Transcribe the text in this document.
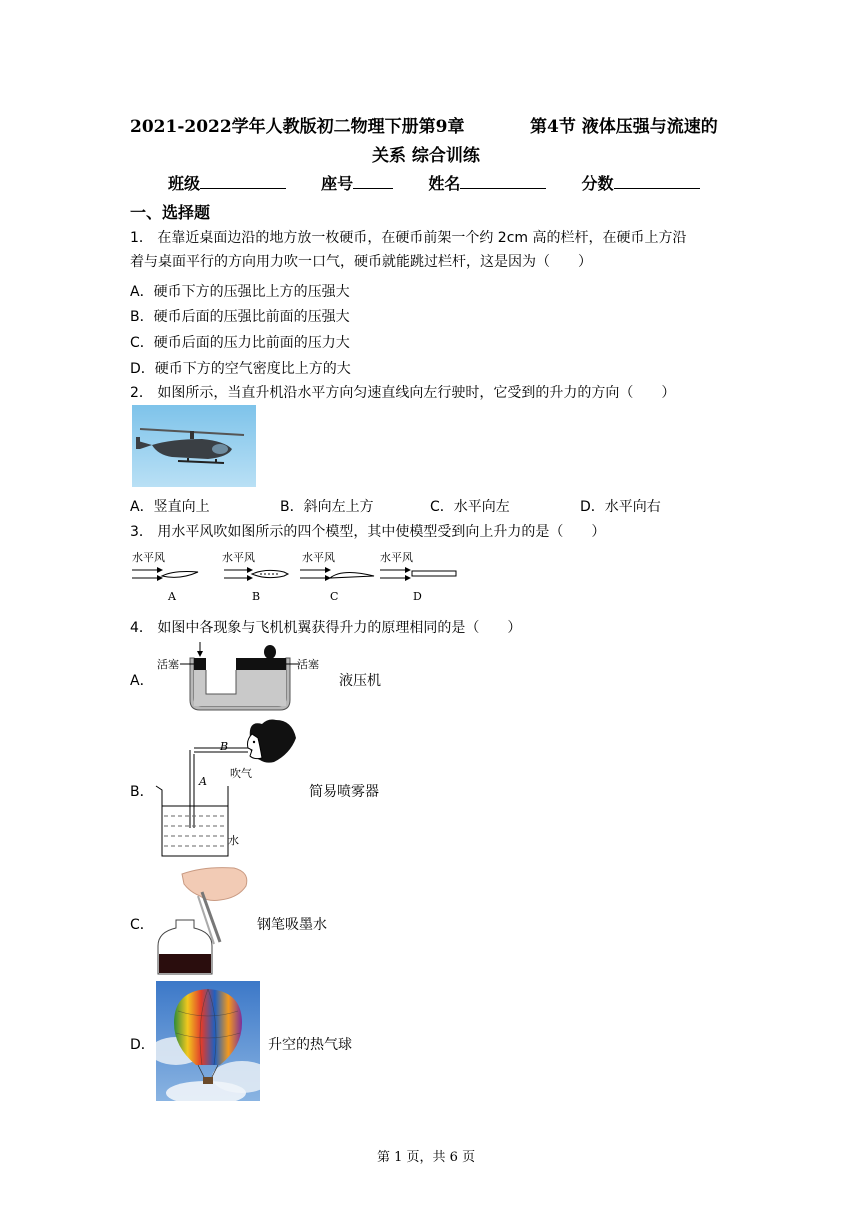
2021-2022学年人教版初二物理下册第9章	第4节 液体压强与流速的
关系 综合训练
班级	座号	姓名	分数
一、选择题
1． 在靠近桌面边沿的地方放一枚硬币，在硬币前架一个约 2cm 高的栏杆，在硬币上方沿
着与桌面平行的方向用力吹一口气，硬币就能跳过栏杆，这是因为（　　）
A．硬币下方的压强比上方的压强大
B．硬币后面的压强比前面的压强大
C．硬币后面的压力比前面的压力大
D．硬币下方的空气密度比上方的大
2． 如图所示，当直升机沿水平方向匀速直线向左行驶时，它受到的升力的方向（　　）
A．竖直向上	B．斜向左上方	C．水平向左	D．水平向右
3． 用水平风吹如图所示的四个模型，其中使模型受到向上升力的是（　　）
水平风	水平风	水平风	水平风
A	B	C	D
4． 如图中各现象与飞机机翼获得升力的原理相同的是（　　）
A．
活塞	活塞
液压机
B．
B
A
吹气
水
简易喷雾器
C．	钢笔吸墨水
D．	升空的热气球
第 1 页，共 6 页
